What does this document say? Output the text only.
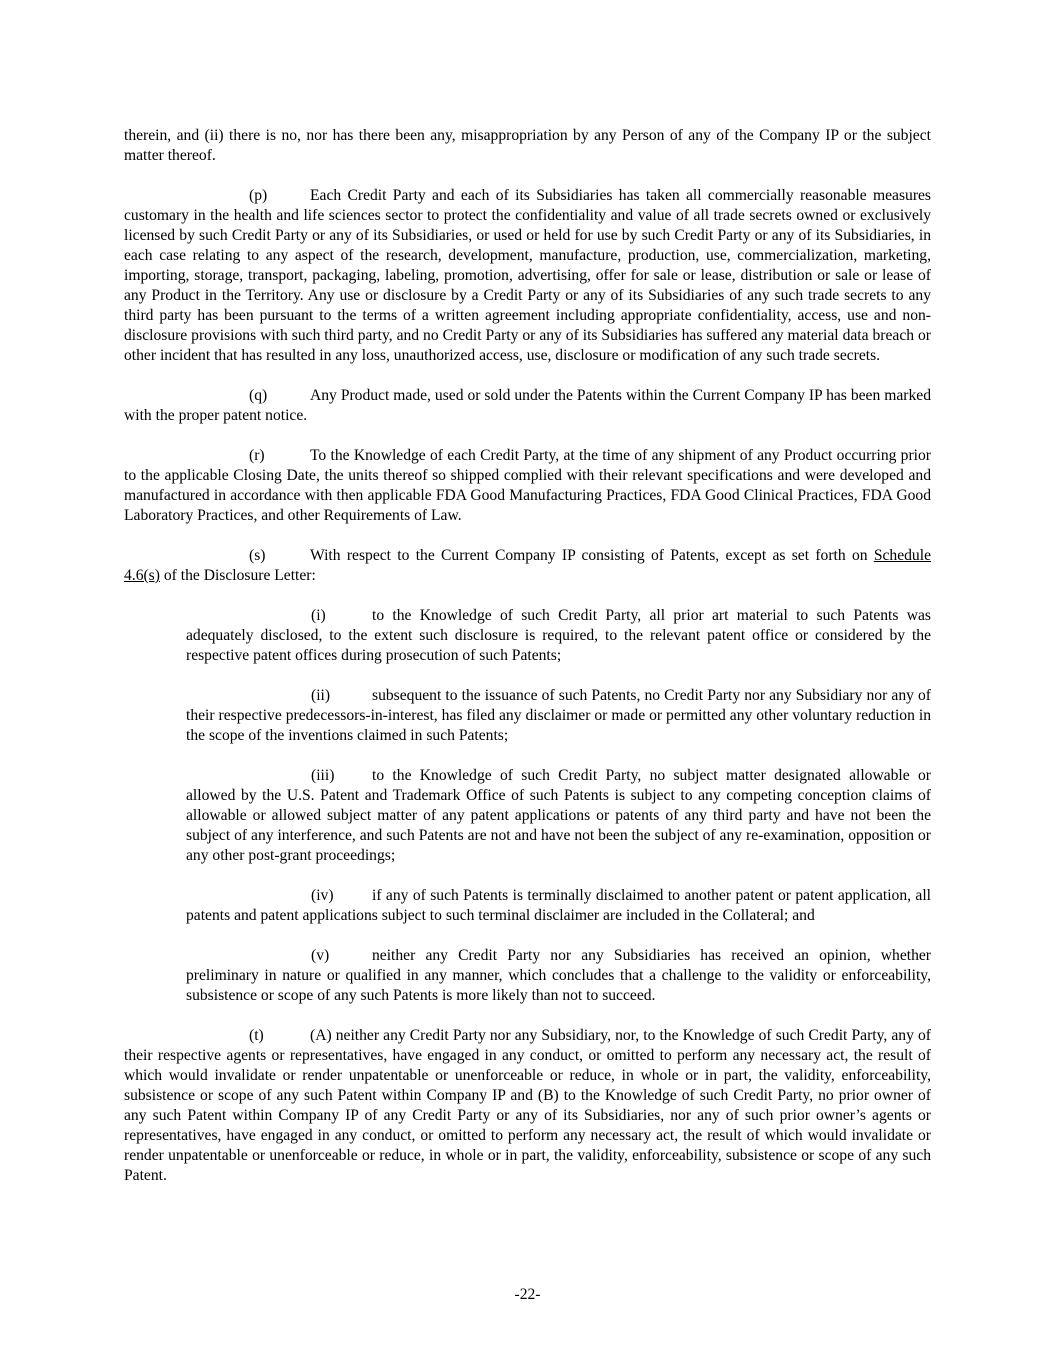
therein, and (ii) there is no, nor has there been any, misappropriation by any Person of any of the Company IP or the subject matter thereof.

(p)	Each Credit Party and each of its Subsidiaries has taken all commercially reasonable measures customary in the health and life sciences sector to protect the confidentiality and value of all trade secrets owned or exclusively licensed by such Credit Party or any of its Subsidiaries, or used or held for use by such Credit Party or any of its Subsidiaries, in each case relating to any aspect of the research, development, manufacture, production, use, commercialization, marketing, importing, storage, transport, packaging, labeling, promotion, advertising, offer for sale or lease, distribution or sale or lease of any Product in the Territory. Any use or disclosure by a Credit Party or any of its Subsidiaries of any such trade secrets to any third party has been pursuant to the terms of a written agreement including appropriate confidentiality, access, use and non-disclosure provisions with such third party, and no Credit Party or any of its Subsidiaries has suffered any material data breach or other incident that has resulted in any loss, unauthorized access, use, disclosure or modification of any such trade secrets.

(q)	Any Product made, used or sold under the Patents within the Current Company IP has been marked with the proper patent notice.

(r)	To the Knowledge of each Credit Party, at the time of any shipment of any Product occurring prior to the applicable Closing Date, the units thereof so shipped complied with their relevant specifications and were developed and manufactured in accordance with then applicable FDA Good Manufacturing Practices, FDA Good Clinical Practices, FDA Good Laboratory Practices, and other Requirements of Law.

(s)	With respect to the Current Company IP consisting of Patents, except as set forth on Schedule 4.6(s) of the Disclosure Letter:

(i)	to the Knowledge of such Credit Party, all prior art material to such Patents was adequately disclosed, to the extent such disclosure is required, to the relevant patent office or considered by the respective patent offices during prosecution of such Patents;

(ii)	subsequent to the issuance of such Patents, no Credit Party nor any Subsidiary nor any of their respective predecessors-in-interest, has filed any disclaimer or made or permitted any other voluntary reduction in the scope of the inventions claimed in such Patents;

(iii) to the Knowledge of such Credit Party, no subject matter designated allowable or allowed by the U.S. Patent and Trademark Office of such Patents is subject to any competing conception claims of allowable or allowed subject matter of any patent applications or patents of any third party and have not been the subject of any interference, and such Patents are not and have not been the subject of any re-examination, opposition or any other post-grant proceedings;

(iv) if any of such Patents is terminally disclaimed to another patent or patent application, all patents and patent applications subject to such terminal disclaimer are included in the Collateral; and

(v)	neither any Credit Party nor any Subsidiaries has received an opinion, whether preliminary in nature or qualified in any manner, which concludes that a challenge to the validity or enforceability, subsistence or scope of any such Patents is more likely than not to succeed.

(t)	(A) neither any Credit Party nor any Subsidiary, nor, to the Knowledge of such Credit Party, any of their respective agents or representatives, have engaged in any conduct, or omitted to perform any necessary act, the result of which would invalidate or render unpatentable or unenforceable or reduce, in whole or in part, the validity, enforceability, subsistence or scope of any such Patent within Company IP and (B) to the Knowledge of such Credit Party, no prior owner of any such Patent within Company IP of any Credit Party or any of its Subsidiaries, nor any of such prior owner’s agents or representatives, have engaged in any conduct, or omitted to perform any necessary act, the result of which would invalidate or render unpatentable or unenforceable or reduce, in whole or in part, the validity, enforceability, subsistence or scope of any such Patent.

-22-
